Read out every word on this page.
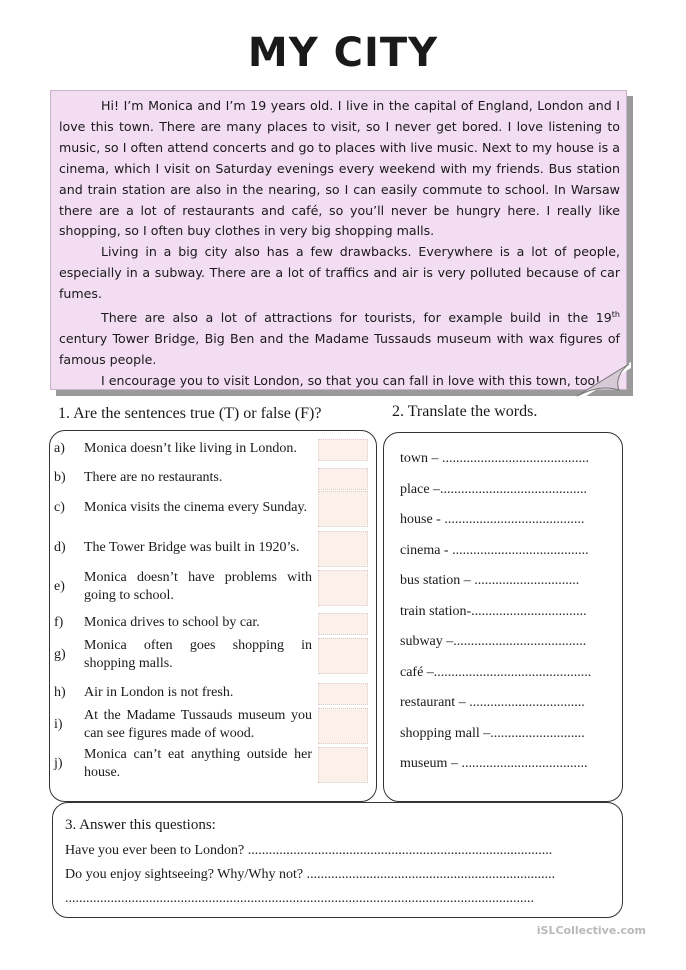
MY CITY

Hi! I’m Monica and I’m 19 years old. I live in the capital of England, London and I love this town. There are many places to visit, so I never get bored. I love listening to music, so I often attend concerts and go to places with live music. Next to my house is a cinema, which I visit on Saturday evenings every weekend with my friends. Bus station and train station are also in the nearing, so I can easily commute to school. In Warsaw there are a lot of restaurants and café, so you’ll never be hungry here. I really like shopping, so I often buy clothes in very big shopping malls.

Living in a big city also has a few drawbacks. Everywhere is a lot of people, especially in a subway. There are a lot of traffics and air is very polluted because of car fumes.

There are also a lot of attractions for tourists, for example build in the 19th century Tower Bridge, Big Ben and the Madame Tussauds museum with wax figures of famous people.

I encourage you to visit London, so that you can fall in love with this town, too!

1. Are the sentences true (T) or false (F)?	2. Translate the words.
a)	Monica doesn’t like living in London.
b)	There are no restaurants.
c)	Monica visits the cinema every Sunday.
d)	The Tower Bridge was built in 1920’s.
e)
Monica doesn’t have problems with going to school.
f)	Monica drives to school by car.
g)
Monica often goes shopping in shopping malls.
h)	Air in London is not fresh.
i)
At the Madame Tussauds museum you can see figures made of wood.
j)
Monica can’t eat anything outside her house.
town – ..........................................
place –..........................................
house - ........................................
cinema - .......................................
bus station – ..............................
train station-.................................
subway –......................................
café –.............................................
restaurant – .................................
shopping mall –...........................
museum – ....................................
3. Answer this questions:
Have you ever been to London? .......................................................................................
Do you enjoy sightseeing? Why/Why not? .......................................................................
......................................................................................................................................
iSLCollective.com
